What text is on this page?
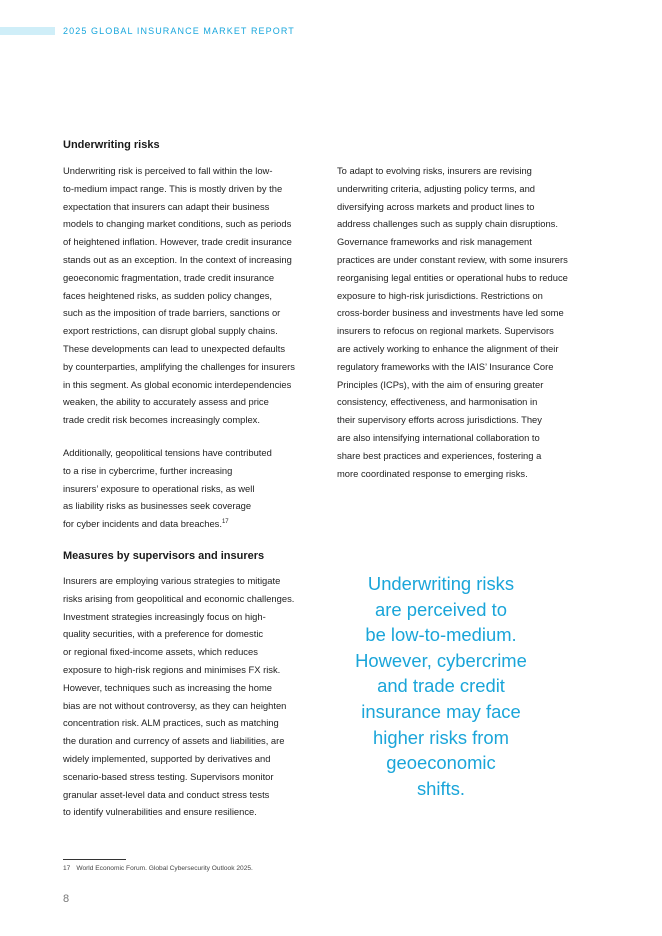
2025 GLOBAL INSURANCE MARKET REPORT
Underwriting risks

Underwriting risk is perceived to fall within the low-
to-medium impact range. This is mostly driven by the
expectation that insurers can adapt their business
models to changing market conditions, such as periods
of heightened inflation. However, trade credit insurance
stands out as an exception. In the context of increasing
geoeconomic fragmentation, trade credit insurance
faces heightened risks, as sudden policy changes,
such as the imposition of trade barriers, sanctions or
export restrictions, can disrupt global supply chains.
These developments can lead to unexpected defaults
by counterparties, amplifying the challenges for insurers
in this segment. As global economic interdependencies
weaken, the ability to accurately assess and price
trade credit risk becomes increasingly complex.

Additionally, geopolitical tensions have contributed
to a rise in cybercrime, further increasing
insurers’ exposure to operational risks, as well
as liability risks as businesses seek coverage
for cyber incidents and data breaches.$^{17}$

To adapt to evolving risks, insurers are revising
underwriting criteria, adjusting policy terms, and
diversifying across markets and product lines to
address challenges such as supply chain disruptions.
Governance frameworks and risk management
practices are under constant review, with some insurers
reorganising legal entities or operational hubs to reduce
exposure to high-risk jurisdictions. Restrictions on
cross-border business and investments have led some
insurers to refocus on regional markets. Supervisors
are actively working to enhance the alignment of their
regulatory frameworks with the IAIS’ Insurance Core
Principles (ICPs), with the aim of ensuring greater
consistency, effectiveness, and harmonisation in
their supervisory efforts across jurisdictions. They
are also intensifying international collaboration to
share best practices and experiences, fostering a
more coordinated response to emerging risks.

Measures by supervisors and insurers

Insurers are employing various strategies to mitigate
risks arising from geopolitical and economic challenges.
Investment strategies increasingly focus on high-
quality securities, with a preference for domestic
or regional fixed-income assets, which reduces
exposure to high-risk regions and minimises FX risk.
However, techniques such as increasing the home
bias are not without controversy, as they can heighten
concentration risk. ALM practices, such as matching
the duration and currency of assets and liabilities, are
widely implemented, supported by derivatives and
scenario-based stress testing. Supervisors monitor
granular asset-level data and conduct stress tests
to identify vulnerabilities and ensure resilience.

Underwriting risks
are perceived to
be low-to-medium.
However, cybercrime
and trade credit
insurance may face
higher risks from
geoeconomic
shifts.
17 World Economic Forum. Global Cybersecurity Outlook 2025.
8
